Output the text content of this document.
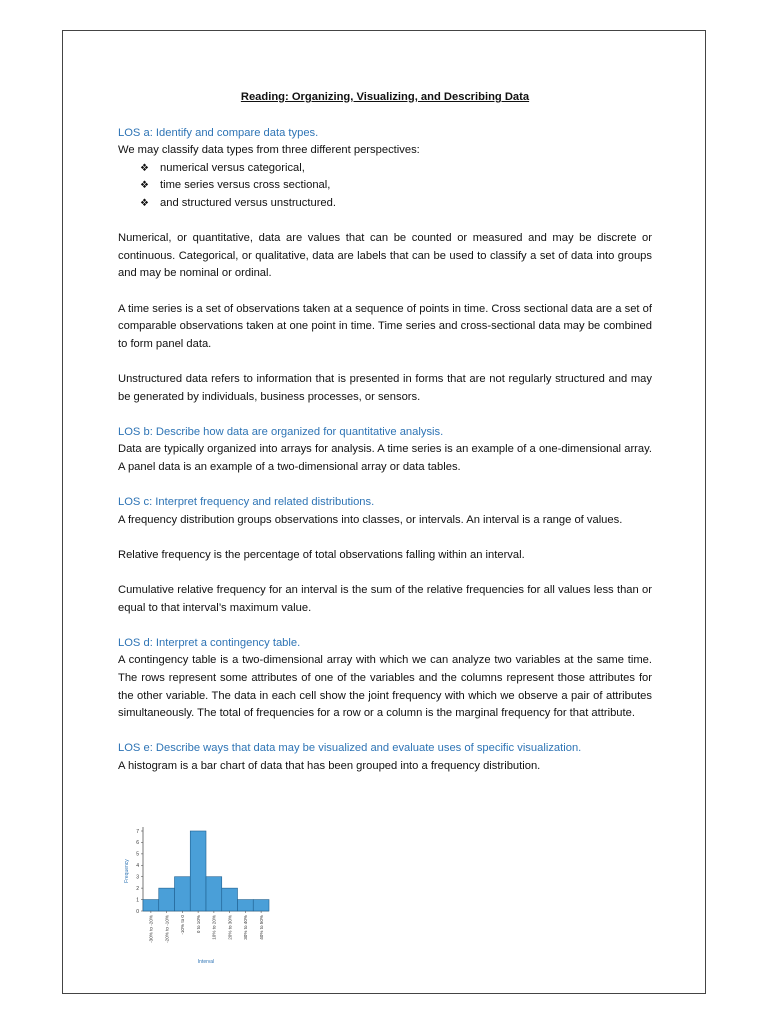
Reading: Organizing, Visualizing, and Describing Data

LOS a: Identify and compare data types.

We may classify data types from three different perspectives:

❖ numerical versus categorical,
❖ time series versus cross sectional,
❖ and structured versus unstructured.

Numerical, or quantitative, data are values that can be counted or measured and may be discrete or continuous. Categorical, or qualitative, data are labels that can be used to classify a set of data into groups and may be nominal or ordinal.

A time series is a set of observations taken at a sequence of points in time. Cross sectional data are a set of comparable observations taken at one point in time. Time series and cross-sectional data may be combined to form panel data.

Unstructured data refers to information that is presented in forms that are not regularly structured and may be generated by individuals, business processes, or sensors.

LOS b: Describe how data are organized for quantitative analysis.

Data are typically organized into arrays for analysis. A time series is an example of a one-dimensional array. A panel data is an example of a two-dimensional array or data tables.

LOS c: Interpret frequency and related distributions.

A frequency distribution groups observations into classes, or intervals. An interval is a range of values.

Relative frequency is the percentage of total observations falling within an interval.

Cumulative relative frequency for an interval is the sum of the relative frequencies for all values less than or equal to that interval’s maximum value.

LOS d: Interpret a contingency table.

A contingency table is a two-dimensional array with which we can analyze two variables at the same time. The rows represent some attributes of one of the variables and the columns represent those attributes for the other variable. The data in each cell show the joint frequency with which we observe a pair of attributes simultaneously. The total of frequencies for a row or a column is the marginal frequency for that attribute.

LOS e: Describe ways that data may be visualized and evaluate uses of specific visualization.

A histogram is a bar chart of data that has been grouped into a frequency distribution.

0
1
2
3
4
5
6
7
-30% to -20% -20% to -10% -10% to 0 0 to 10% 10% to 20% 20% to 30% 30% to 40% 40% to 50%
Frequency
Interval
